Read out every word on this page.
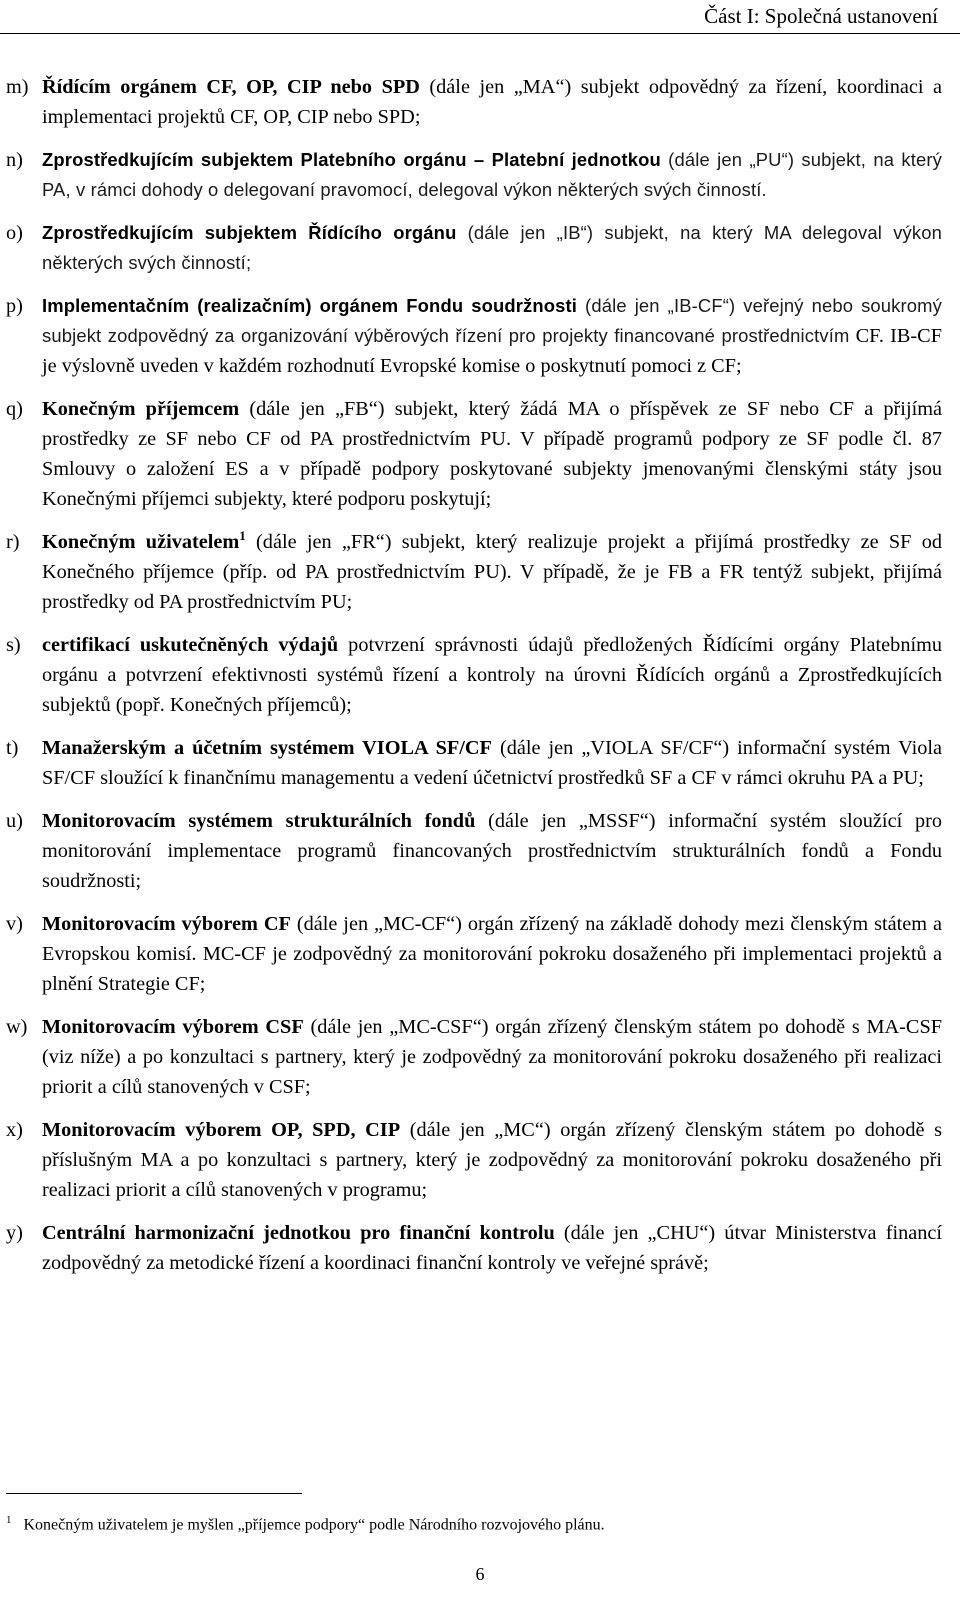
Část I: Společná ustanovení
m) Řídícím orgánem CF, OP, CIP nebo SPD (dále jen „MA“) subjekt odpovědný za řízení, koordinaci a implementaci projektů CF, OP, CIP nebo SPD;
n) Zprostředkujícím subjektem Platebního orgánu – Platební jednotkou (dále jen „PU“) subjekt, na který PA, v rámci dohody o delegovaní pravomocí, delegoval výkon některých svých činností.
o) Zprostředkujícím subjektem Řídícího orgánu (dále jen „IB“) subjekt, na který MA delegoval výkon některých svých činností;
p) Implementačním (realizačním) orgánem Fondu soudržnosti (dále jen „IB-CF“) veřejný nebo soukromý subjekt zodpovědný za organizování výběrových řízení pro projekty financované prostřednictvím CF. IB-CF je výslovně uveden v každém rozhodnutí Evropské komise o poskytnutí pomoci z CF;
q) Konečným příjemcem (dále jen „FB“) subjekt, který žádá MA o příspěvek ze SF nebo CF a přijímá prostředky ze SF nebo CF od PA prostřednictvím PU. V případě programů podpory ze SF podle čl. 87 Smlouvy o založení ES a v případě podpory poskytované subjekty jmenovanými členskými státy jsou Konečnými příjemci subjekty, které podporu poskytují;
r) Konečným uživatelem$^1$ (dále jen „FR“) subjekt, který realizuje projekt a přijímá prostředky ze SF od Konečného příjemce (příp. od PA prostřednictvím PU). V případě, že je FB a FR tentýž subjekt, přijímá prostředky od PA prostřednictvím PU;
s) certifikací uskutečněných výdajů potvrzení správnosti údajů předložených Řídícími orgány Platebnímu orgánu a potvrzení efektivnosti systémů řízení a kontroly na úrovni Řídících orgánů a Zprostředkujících subjektů (popř. Konečných příjemců);
t) Manažerským a účetním systémem VIOLA SF/CF (dále jen „VIOLA SF/CF“) informační systém Viola SF/CF sloužící k finančnímu managementu a vedení účetnictví prostředků SF a CF v rámci okruhu PA a PU;
u) Monitorovacím systémem strukturálních fondů (dále jen „MSSF“) informační systém sloužící pro monitorování implementace programů financovaných prostřednictvím strukturálních fondů a Fondu soudržnosti;
v) Monitorovacím výborem CF (dále jen „MC-CF“) orgán zřízený na základě dohody mezi členským státem a Evropskou komisí. MC-CF je zodpovědný za monitorování pokroku dosaženého při implementaci projektů a plnění Strategie CF;
w) Monitorovacím výborem CSF (dále jen „MC-CSF“) orgán zřízený členským státem po dohodě s MA-CSF (viz níže) a po konzultaci s partnery, který je zodpovědný za monitorování pokroku dosaženého při realizaci priorit a cílů stanovených v CSF;
x) Monitorovacím výborem OP, SPD, CIP (dále jen „MC“) orgán zřízený členským státem po dohodě s příslušným MA a po konzultaci s partnery, který je zodpovědný za monitorování pokroku dosaženého při realizaci priorit a cílů stanovených v programu;
y) Centrální harmonizační jednotkou pro finanční kontrolu (dále jen „CHU“) útvar Ministerstva financí zodpovědný za metodické řízení a koordinaci finanční kontroly ve veřejné správě;
$^1$ Konečným uživatelem je myšlen „příjemce podpory“ podle Národního rozvojového plánu.
6
